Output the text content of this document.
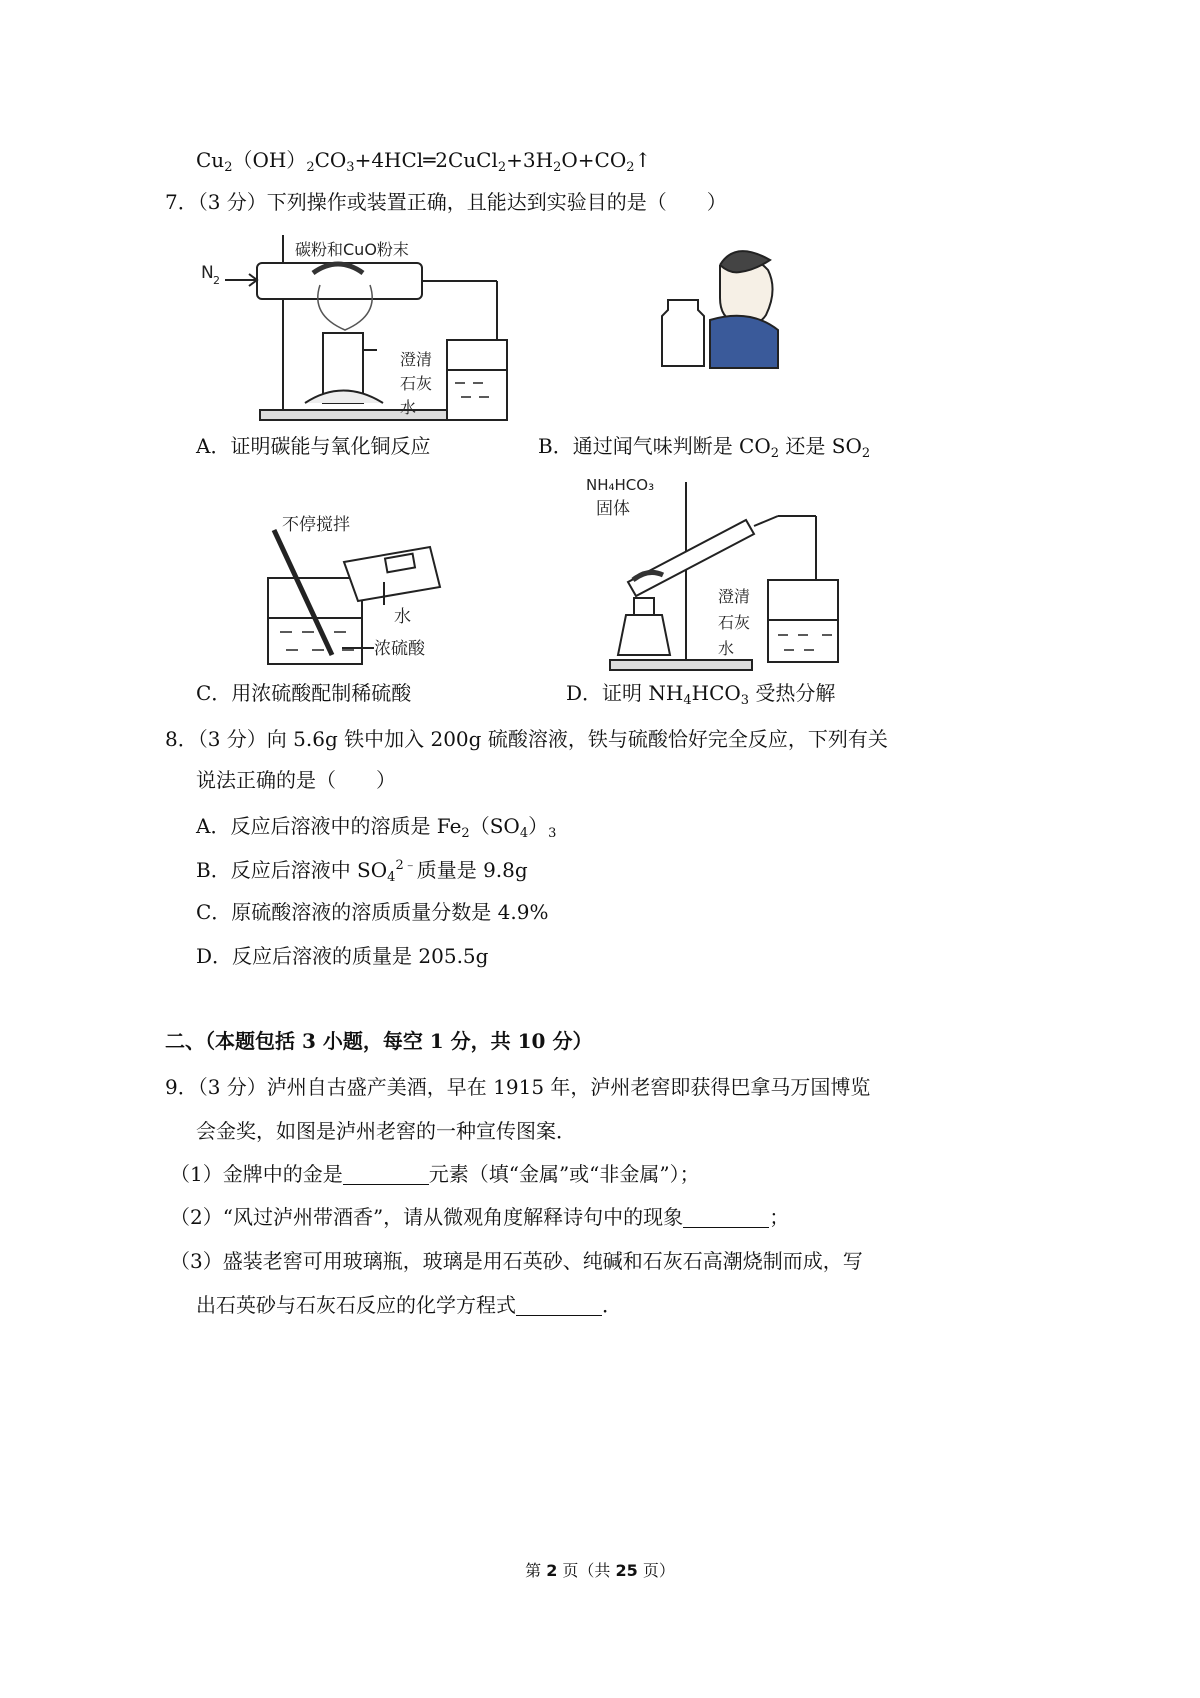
$Cu_2(OH)_2CO_3+4HCl═2CuCl_2+3H_2O+CO_2↑$
7．（3 分）下列操作或装置正确，且能达到实验目的是（　　）
N 2
碳粉和CuO粉末
澄清
石灰
水
A．证明碳能与氧化铜反应	B．通过闻气味判断是 $CO_2$ 还是 $SO_2$
不停搅拌
水
浓硫酸
NH₄HCO₃
固体
澄清
石灰
水
C．用浓硫酸配制稀硫酸	D．证明 $NH_4HCO_3$ 受热分解
8．（3 分）向 5.6g 铁中加入 200g 硫酸溶液，铁与硫酸恰好完全反应，下列有关
说法正确的是（　　）
A．反应后溶液中的溶质是 $Fe_2(SO_4)_3$
B．反应后溶液中 $SO_4^{2﹣}$质量是 9.8g
C．原硫酸溶液的溶质质量分数是 4.9%
D．反应后溶液的质量是 205.5g
二、（本题包括 3 小题，每空 1 分，共 10 分）
9．（3 分）泸州自古盛产美酒，早在 1915 年，泸州老窖即获得巴拿马万国博览
会金奖，如图是泸州老窖的一种宣传图案．
（1）金牌中的金是	元素（填“金属”或“非金属”）；
（2）“风过泸州带酒香”，请从微观角度解释诗句中的现象	；
（3）盛装老窖可用玻璃瓶，玻璃是用石英砂、纯碱和石灰石高潮烧制而成，写
出石英砂与石灰石反应的化学方程式	．
第 2 页（共 25 页）
